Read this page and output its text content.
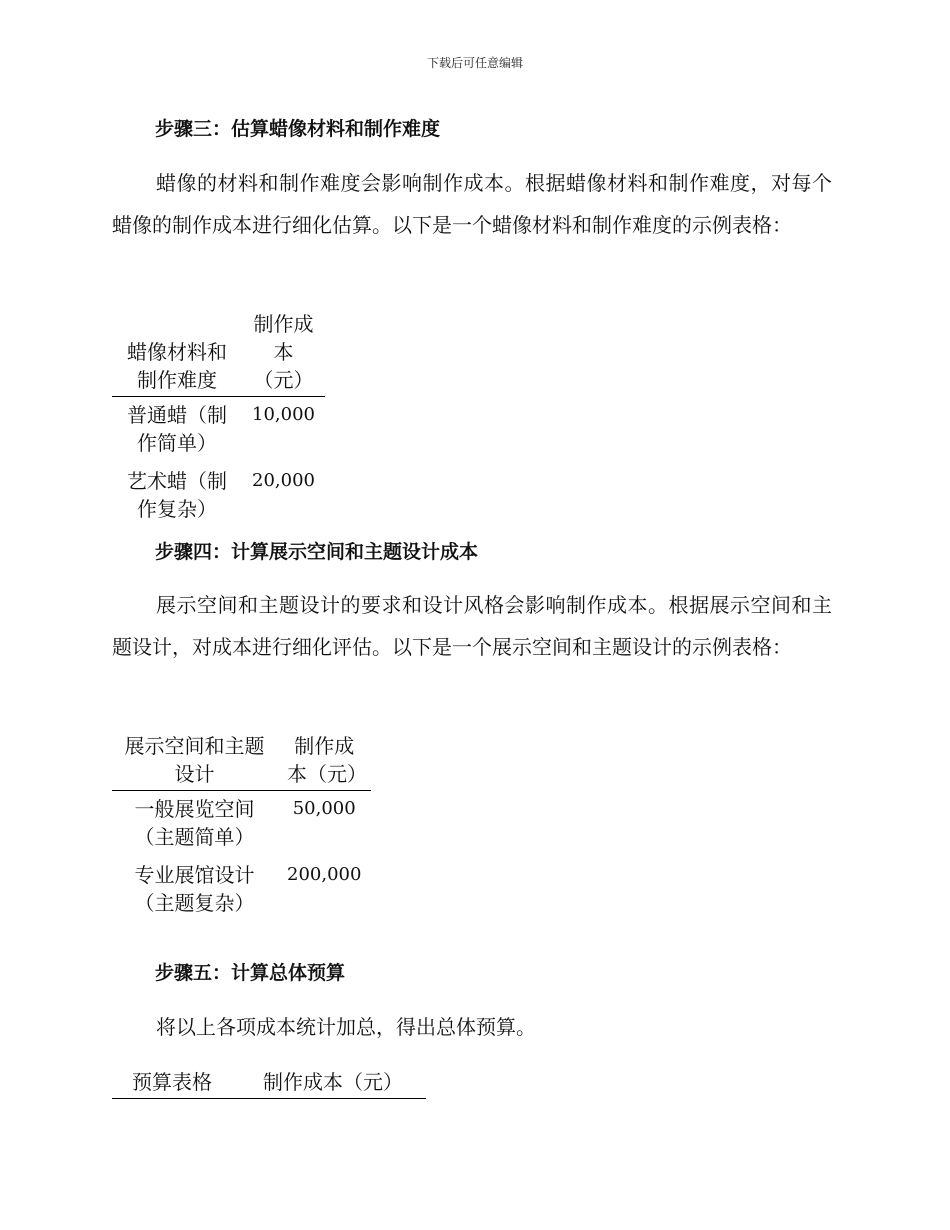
下载后可任意编辑
步骤三：估算蜡像材料和制作难度

蜡像的材料和制作难度会影响制作成本。根据蜡像材料和制作难度，对每个蜡像的制作成本进行细化估算。以下是一个蜡像材料和制作难度的示例表格：

蜡像材料和制作难度	制作成本（元）
普通蜡（制作简单）	10,000
艺术蜡（制作复杂）	20,000
步骤四：计算展示空间和主题设计成本

展示空间和主题设计的要求和设计风格会影响制作成本。根据展示空间和主题设计，对成本进行细化评估。以下是一个展示空间和主题设计的示例表格：

展示空间和主题设计	制作成本（元）
一般展览空间（主题简单）	50,000
专业展馆设计（主题复杂）	200,000
步骤五：计算总体预算

将以上各项成本统计加总，得出总体预算。

预算表格	制作成本（元）
